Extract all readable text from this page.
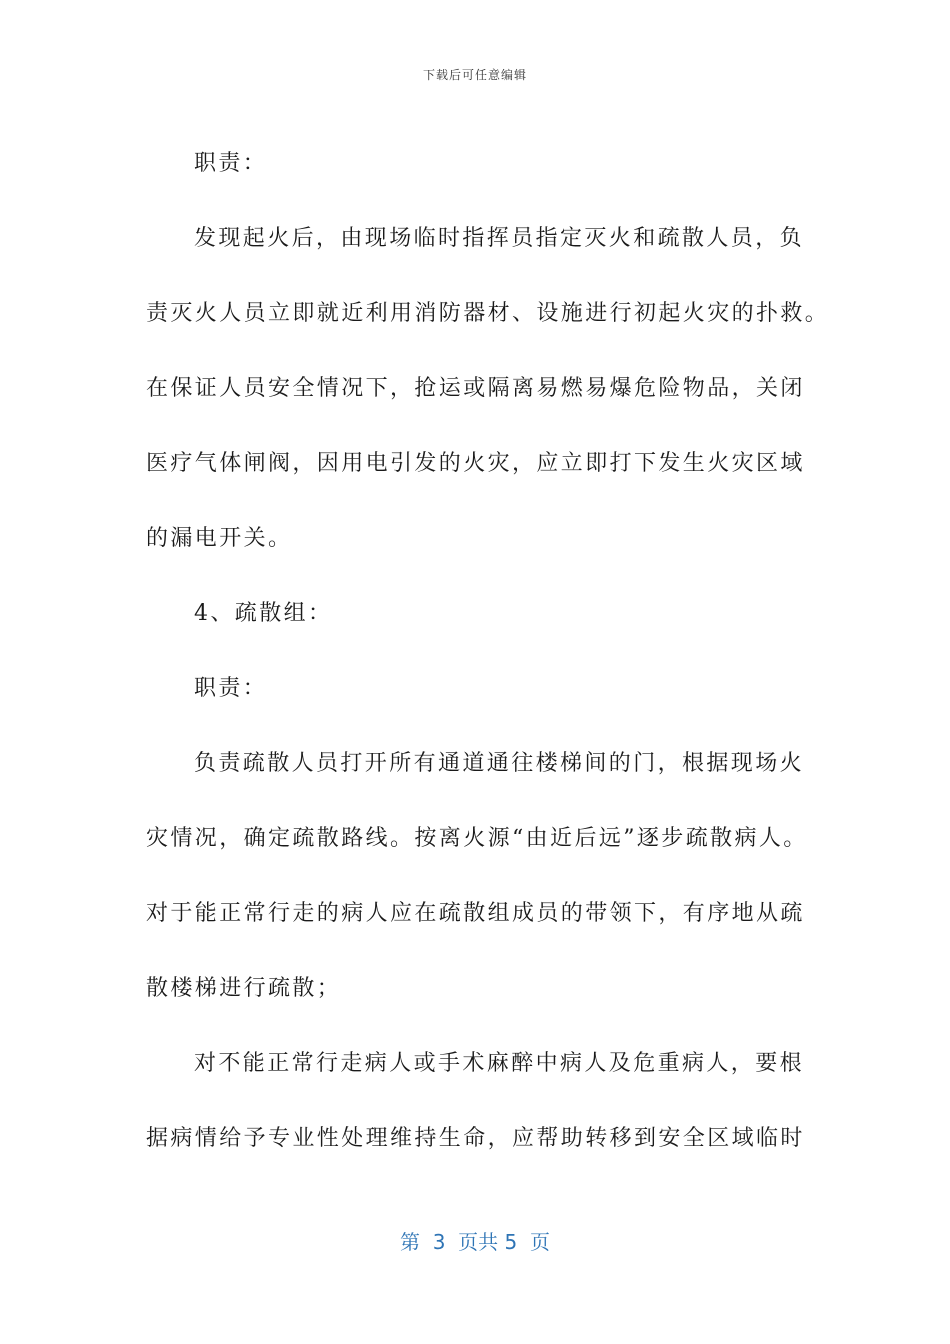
下载后可任意编辑

职责：

发现起火后，由现场临时指挥员指定灭火和疏散人员，负
责灭火人员立即就近利用消防器材、设施进行初起火灾的扑救。
在保证人员安全情况下，抢运或隔离易燃易爆危险物品，关闭
医疗气体闸阀，因用电引发的火灾，应立即打下发生火灾区域
的漏电开关。

4、疏散组：

职责：

负责疏散人员打开所有通道通往楼梯间的门，根据现场火
灾情况，确定疏散路线。按离火源“由近后远”逐步疏散病人。
对于能正常行走的病人应在疏散组成员的带领下，有序地从疏
散楼梯进行疏散；

对不能正常行走病人或手术麻醉中病人及危重病人，要根
据病情给予专业性处理维持生命，应帮助转移到安全区域临时

第  3  页共 5  页
